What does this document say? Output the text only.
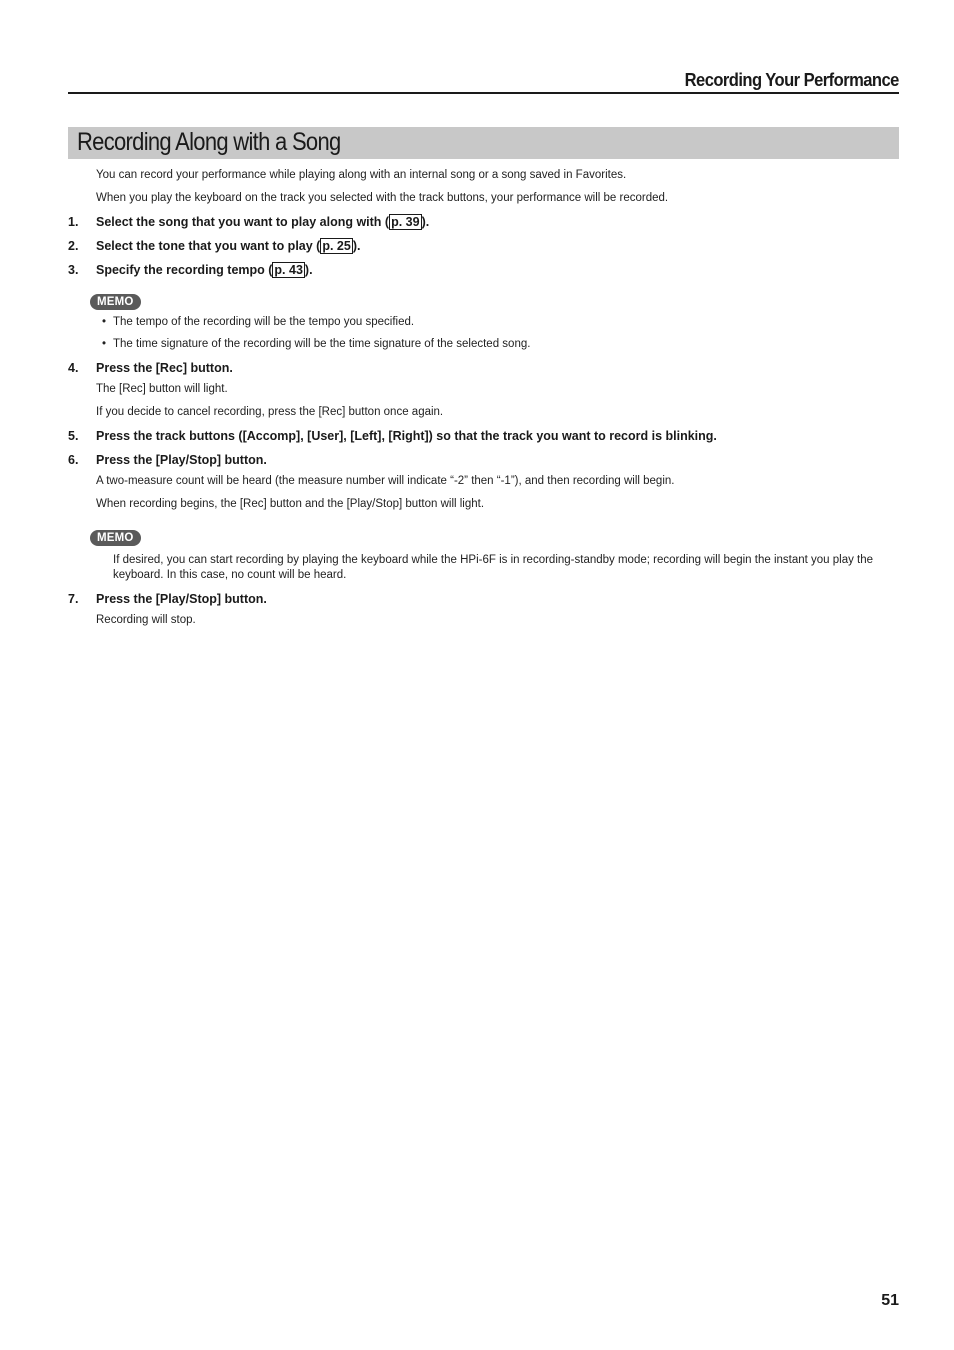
Recording Your Performance
Recording Along with a Song

You can record your performance while playing along with an internal song or a song saved in Favorites.

When you play the keyboard on the track you selected with the track buttons, your performance will be recorded.

1.	Select the song that you want to play along with ( p. 39 ).
2.	Select the tone that you want to play ( p. 25 ).
3.	Specify the recording tempo ( p. 43 ).
MEMO
• The tempo of the recording will be the tempo you specified.
• The time signature of the recording will be the time signature of the selected song.
4.	Press the [Rec] button.

The [Rec] button will light.

If you decide to cancel recording, press the [Rec] button once again.

5.	Press the track buttons ([Accomp], [User], [Left], [Right]) so that the track you want to record is blinking.
6.	Press the [Play/Stop] button.

A two-measure count will be heard (the measure number will indicate “-2” then “-1”), and then recording will begin.

When recording begins, the [Rec] button and the [Play/Stop] button will light.

MEMO

If desired, you can start recording by playing the keyboard while the HPi-6F is in recording-standby mode; recording will begin the instant you play the keyboard. In this case, no count will be heard.

7.	Press the [Play/Stop] button.

Recording will stop.

51
